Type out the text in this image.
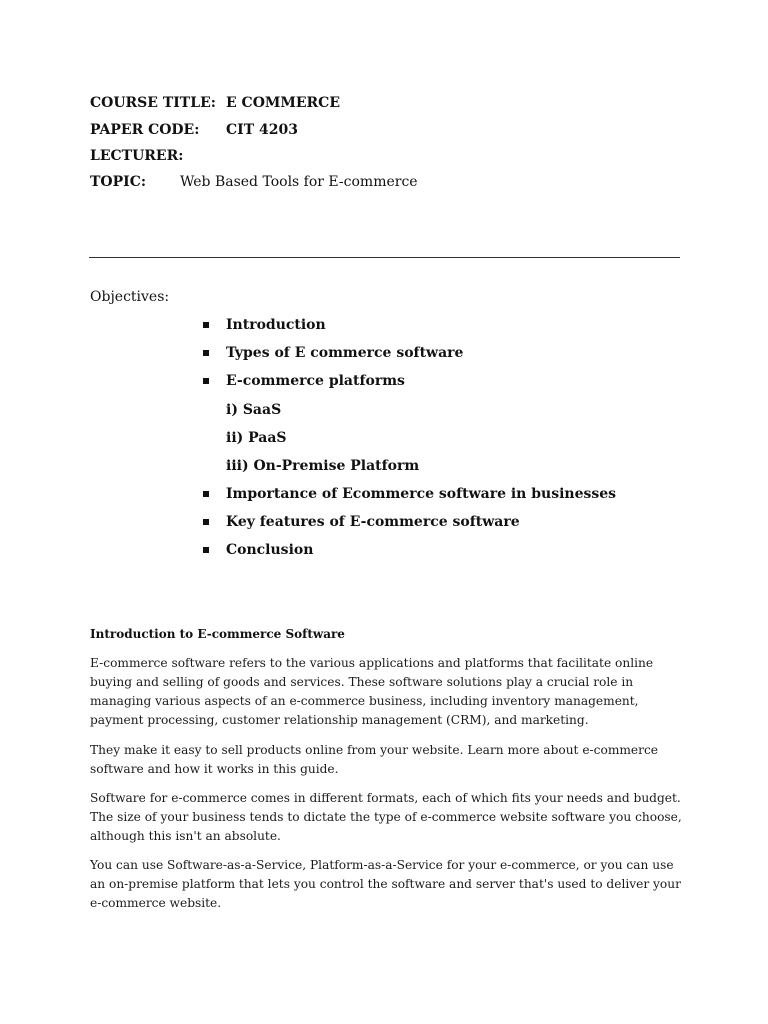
COURSE TITLE: E COMMERCE
PAPER CODE: CIT 4203
LECTURER:
TOPIC: Web Based Tools for E-commerce
Objectives:
Introduction
Types of E commerce software
E-commerce platforms
i) SaaS
ii) PaaS
iii) On-Premise Platform
Importance of Ecommerce software in businesses
Key features of E-commerce software
Conclusion
Introduction to E-commerce Software
E-commerce software refers to the various applications and platforms that facilitate online
buying and selling of goods and services. These software solutions play a crucial role in
managing various aspects of an e-commerce business, including inventory management,
payment processing, customer relationship management (CRM), and marketing.
They make it easy to sell products online from your website. Learn more about e-commerce
software and how it works in this guide.
Software for e-commerce comes in different formats, each of which fits your needs and budget.
The size of your business tends to dictate the type of e-commerce website software you choose,
although this isn't an absolute.
You can use Software-as-a-Service, Platform-as-a-Service for your e-commerce, or you can use
an on-premise platform that lets you control the software and server that's used to deliver your
e-commerce website.
